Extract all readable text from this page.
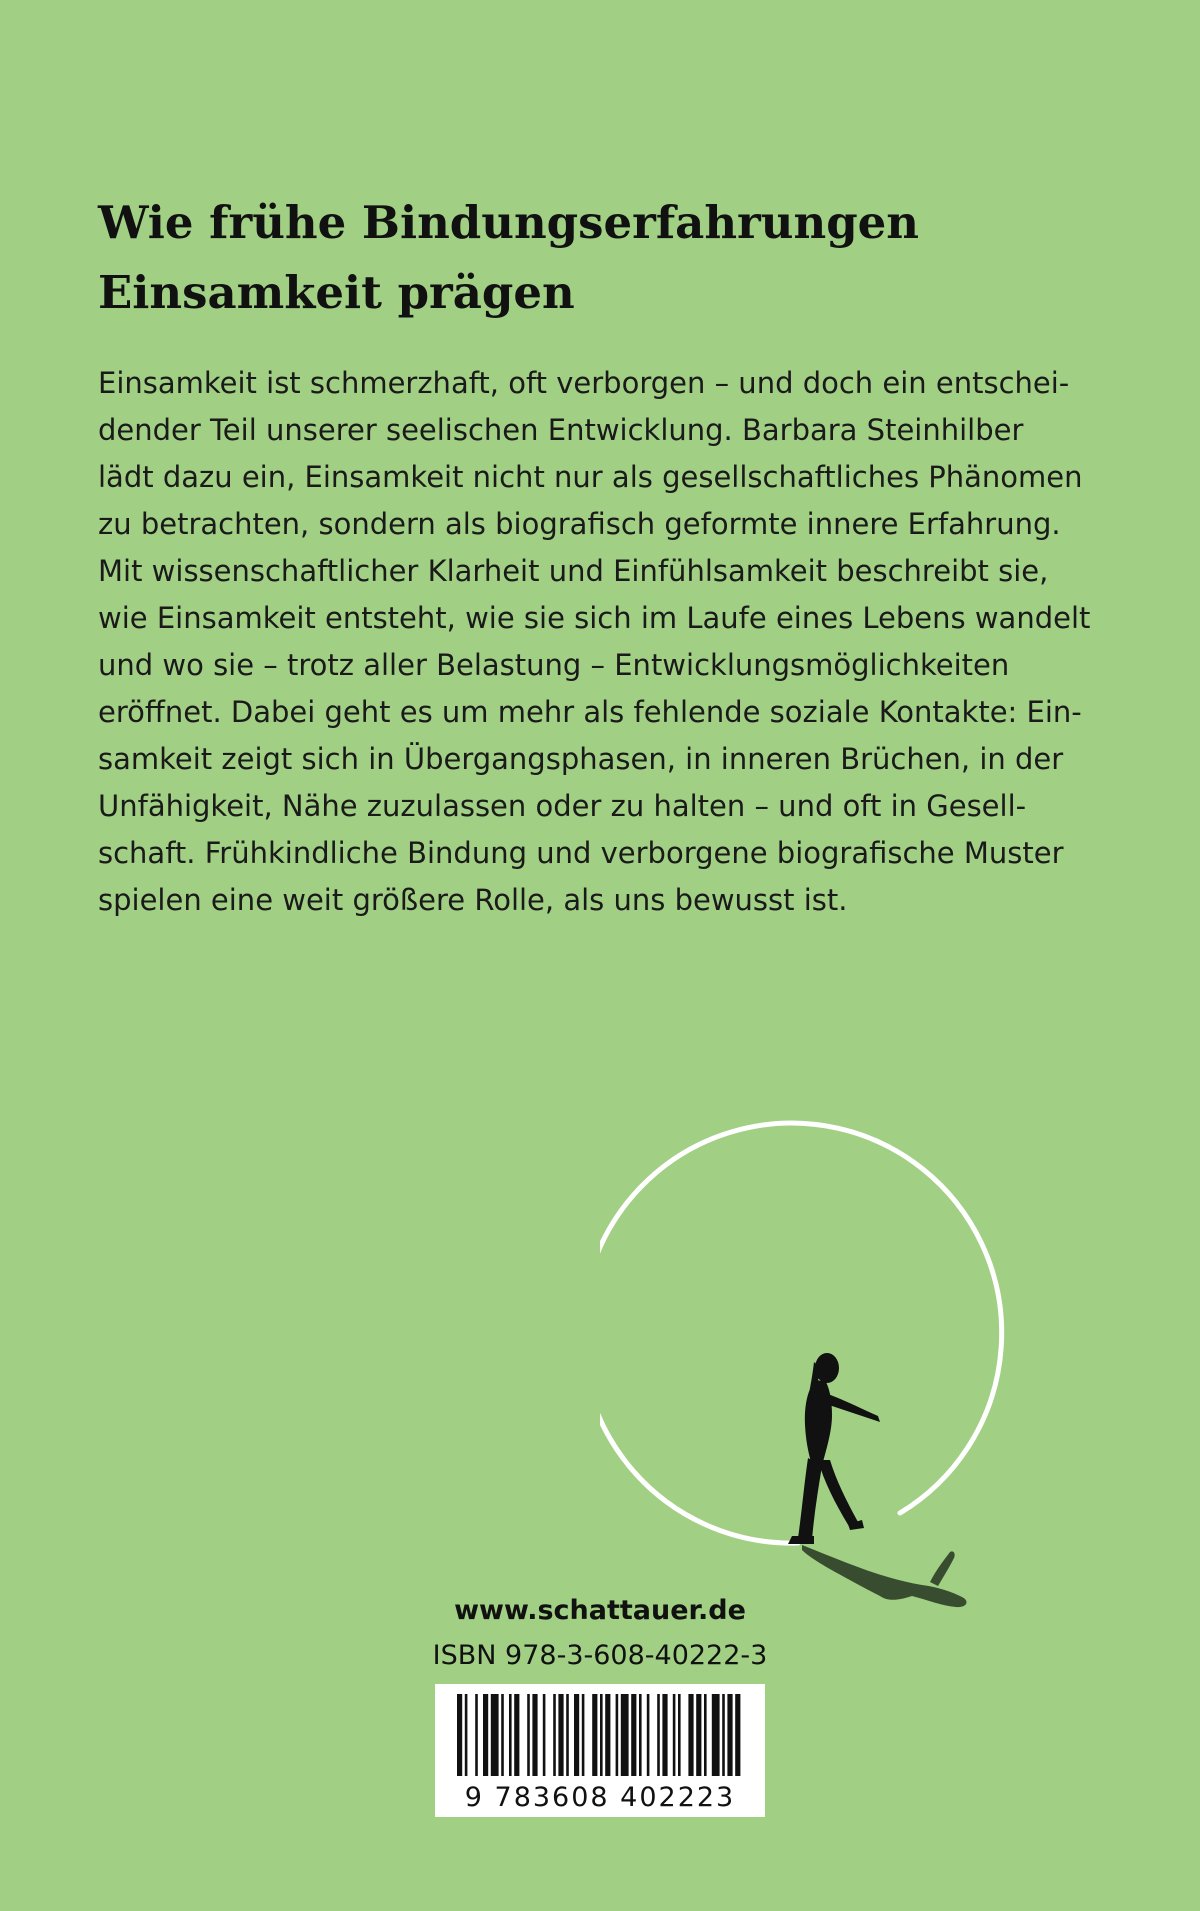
Wie frühe Bindungserfahrungen
Einsamkeit prägen

Einsamkeit ist schmerzhaft, oft verborgen – und doch ein entschei-
dender Teil unserer seelischen Entwicklung. Barbara Steinhilber
lädt dazu ein, Einsamkeit nicht nur als gesellschaftliches Phänomen
zu betrachten, sondern als biografisch geformte innere Erfahrung.
Mit wissenschaftlicher Klarheit und Einfühlsamkeit beschreibt sie,
wie Einsamkeit entsteht, wie sie sich im Laufe eines Lebens wandelt
und wo sie – trotz aller Belastung – Entwicklungsmöglichkeiten
eröffnet. Dabei geht es um mehr als fehlende soziale Kontakte: Ein-
samkeit zeigt sich in Übergangsphasen, in inneren Brüchen, in der
Unfähigkeit, Nähe zuzulassen oder zu halten – und oft in Gesell-
schaft. Frühkindliche Bindung und verborgene biografische Muster
spielen eine weit größere Rolle, als uns bewusst ist.

www.schattauer.de
ISBN 978-3-608-40222-3
9 783608 402223
